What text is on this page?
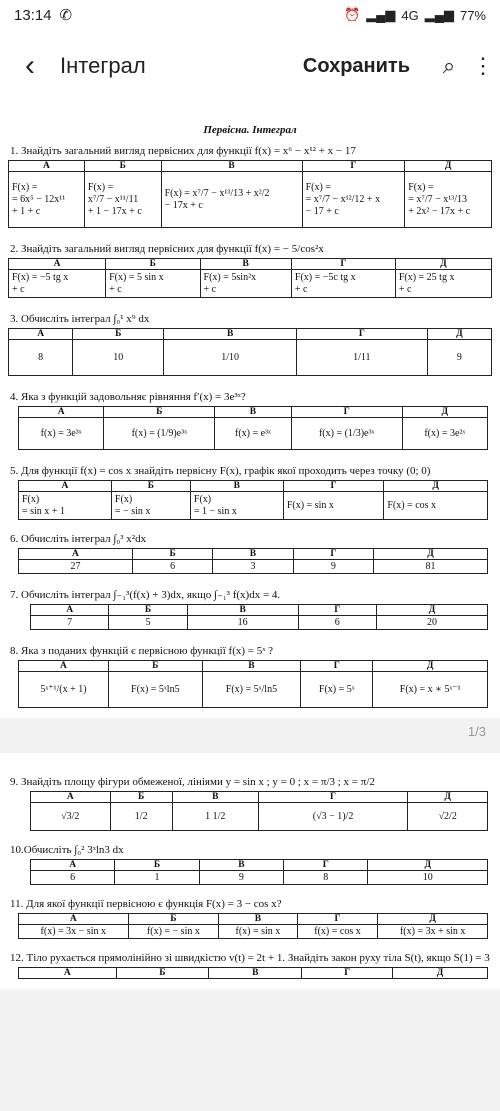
13:14 ✆	⏰ ▂▄▆ 4G ▂▄▆ 77%
‹	Інтеграл	Сохранить	⌕ ⋮
Первісна. Інтеграл
1. Знайдіть загальний вигляд первісних для функції f(x) = x⁶ − x¹² + x − 17
А	Б	В	Г	Д
F(x) =
= 6x⁵ − 12x¹¹
+ 1 + c	F(x) =
x⁷/7 − x¹¹/11
+ 1 − 17x + c	F(x) = x⁷/7 − x¹³/13 + x²/2
− 17x + c	F(x) =
= x⁷/7 − x¹²/12 + x
− 17 + c	F(x) =
= x⁷/7 − x¹³/13
+ 2x² − 17x + c
2. Знайдіть загальний вигляд первісних для функції f(x) = − 5/cos²x
А	Б	В	Г	Д
F(x) = −5 tg x
+ c	F(x) = 5 sin x
+ c	F(x) = 5sin²x
+ c	F(x) = −5c tg x
+ c	F(x) = 25 tg x
+ c
3. Обчисліть інтеграл ∫₀¹ x⁹ dx
А	Б	В	Г	Д
8	10	1/10	1/11	9
4. Яка з функцій задовольняє рівняння f′(x) = 3e³ˣ?
А	Б	В	Г	Д
f(x) = 3e³ˣ	f(x) = (1/9)e³ˣ	f(x) = e³ˣ	f(x) = (1/3)e³ˣ	f(x) = 3e²ˣ
5. Для функції f(x) = cos x знайдіть первісну F(x), графік якої проходить через точку (0; 0)
А	Б	В	Г	Д
F(x)
= sin x + 1	F(x)
= − sin x	F(x)
= 1 − sin x	F(x) = sin x	F(x) = cos x
6. Обчисліть інтеграл ∫₀³ x²dx
А	Б	В	Г	Д
27	6	3	9	81
7. Обчисліть інтеграл ∫₋₁³(f(x) + 3)dx, якщо ∫₋₁³ f(x)dx = 4.
А	Б	В	Г	Д
7	5	16	6	20
8. Яка з поданих функцій є первісною функції f(x) = 5ˣ ?
А	Б	В	Г	Д
5ˣ⁺¹/(x + 1)	F(x) = 5ˣln5	F(x) = 5ˣ/ln5	F(x) = 5ˣ	F(x) = x ∗ 5ˣ⁻¹
1/3
9. Знайдіть площу фігури обмеженої, лініями y = sin x ; y = 0 ; x = π/3 ; x = π/2
А	Б	В	Г	Д
√3/2	1/2	1 1/2	(√3 − 1)/2	√2/2
10.Обчисліть ∫₀² 3ˣln3 dx
А	Б	В	Г	Д
6	1	9	8	10
11. Для якої функції первісною є функція F(x) = 3 − cos x?
А	Б	В	Г	Д
f(x) = 3x − sin x	f(x) = − sin x	f(x) = sin x	f(x) = cos x	f(x) = 3x + sin x
12. Тіло рухається прямолінійно зі швидкістю v(t) = 2t + 1. Знайдіть закон руху тіла S(t), якщо S(1) = 3
А	Б	В	Г	Д
